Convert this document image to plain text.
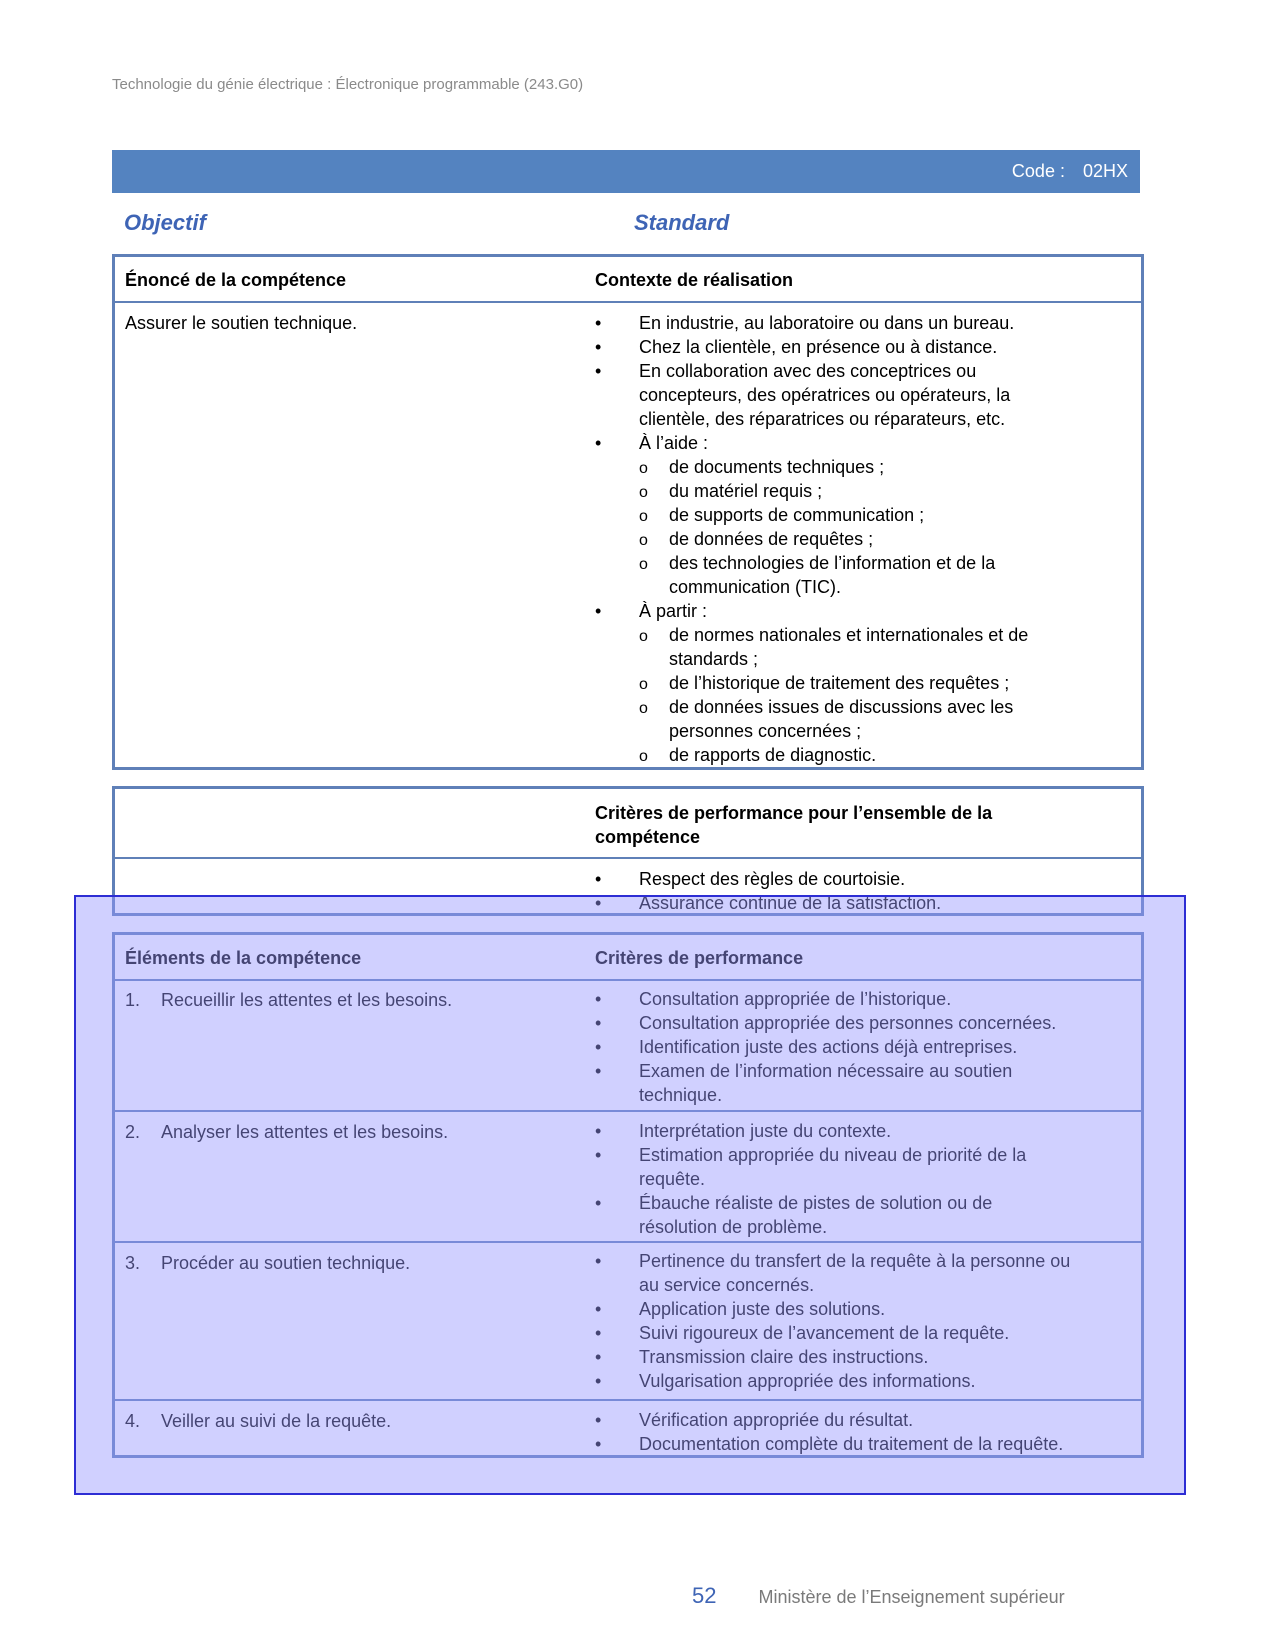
Technologie du génie électrique : Électronique programmable (243.G0)
Code : 02HX
Objectif	Standard
Énoncé de la compétence	Contexte de réalisation
Assurer le soutien technique.	• En industrie, au laboratoire ou dans un bureau.
• Chez la clientèle, en présence ou à distance.
• En collaboration avec des conceptrices ou concepteurs, des opératrices ou opérateurs, la clientèle, des réparatrices ou réparateurs, etc.
• À l’aide :
o de documents techniques ;
o du matériel requis ;
o de supports de communication ;
o de données de requêtes ;
o des technologies de l’information et de la communication (TIC).
• À partir :
o de normes nationales et internationales et de standards ;
o de l’historique de traitement des requêtes ;
o de données issues de discussions avec les personnes concernées ;
o de rapports de diagnostic.
Critères de performance pour l’ensemble de la compétence
• Respect des règles de courtoisie.
• Assurance continue de la satisfaction.
Éléments de la compétence	Critères de performance
1. Recueillir les attentes et les besoins.	• Consultation appropriée de l’historique.
• Consultation appropriée des personnes concernées.
• Identification juste des actions déjà entreprises.
• Examen de l’information nécessaire au soutien technique.
2. Analyser les attentes et les besoins.	• Interprétation juste du contexte.
• Estimation appropriée du niveau de priorité de la requête.
• Ébauche réaliste de pistes de solution ou de résolution de problème.
3. Procéder au soutien technique.	• Pertinence du transfert de la requête à la personne ou au service concernés.
• Application juste des solutions.
• Suivi rigoureux de l’avancement de la requête.
• Transmission claire des instructions.
• Vulgarisation appropriée des informations.
4. Veiller au suivi de la requête.	• Vérification appropriée du résultat.
• Documentation complète du traitement de la requête.
52 Ministère de l’Enseignement supérieur
